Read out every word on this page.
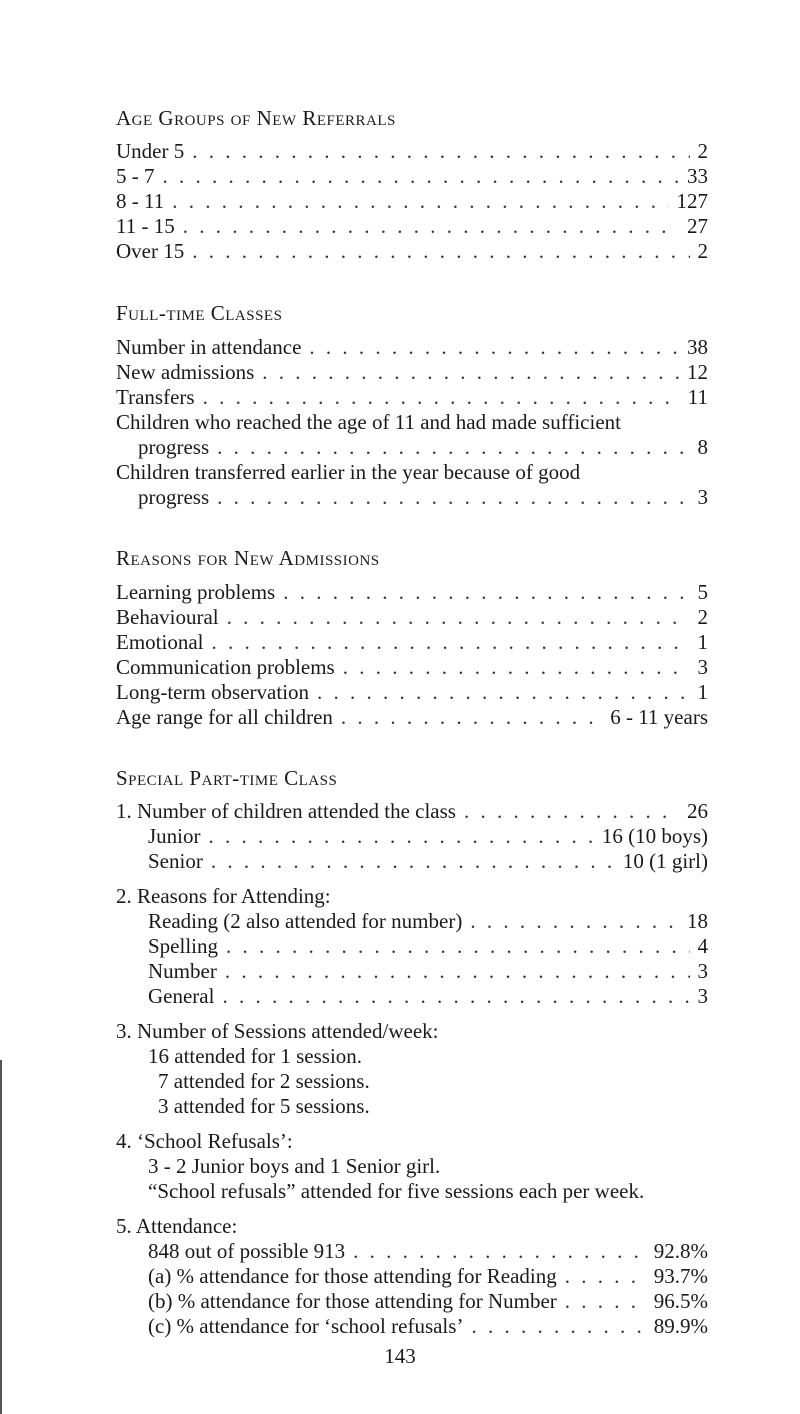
Age Groups of New Referrals
Under 5 . . .	2
5 - 7 . . .	33
8 - 11 . . .	127
11 - 15 . . .	27
Over 15 . . .	2
Full-time Classes
Number in attendance . . .	38
New admissions . . .	12
Transfers . . .	11
Children who reached the age of 11 and had made sufficient
progress . . .	8
Children transferred earlier in the year because of good
progress . . .	3
Reasons for New Admissions
Learning problems . . .	5
Behavioural . . .	2
Emotional . . .	1
Communication problems . . .	3
Long-term observation . . .	1
Age range for all children . . .	6 - 11 years
Special Part-time Class
1. Number of children attended the class . . .	26
Junior . . .	16 (10 boys)
Senior . . .	10 (1 girl)
2. Reasons for Attending:
Reading (2 also attended for number) . . .	18
Spelling . . .	4
Number . . .	3
General . . .	3
3. Number of Sessions attended/week:
16 attended for 1 session.
7 attended for 2 sessions.
3 attended for 5 sessions.
4. ‘School Refusals’:
3 - 2 Junior boys and 1 Senior girl.
“School refusals” attended for five sessions each per week.
5. Attendance:
848 out of possible 913 . . .	92.8%
(a) % attendance for those attending for Reading . . .	93.7%
(b) % attendance for those attending for Number . . .	96.5%
(c) % attendance for ‘school refusals’ . . .	89.9%
143
